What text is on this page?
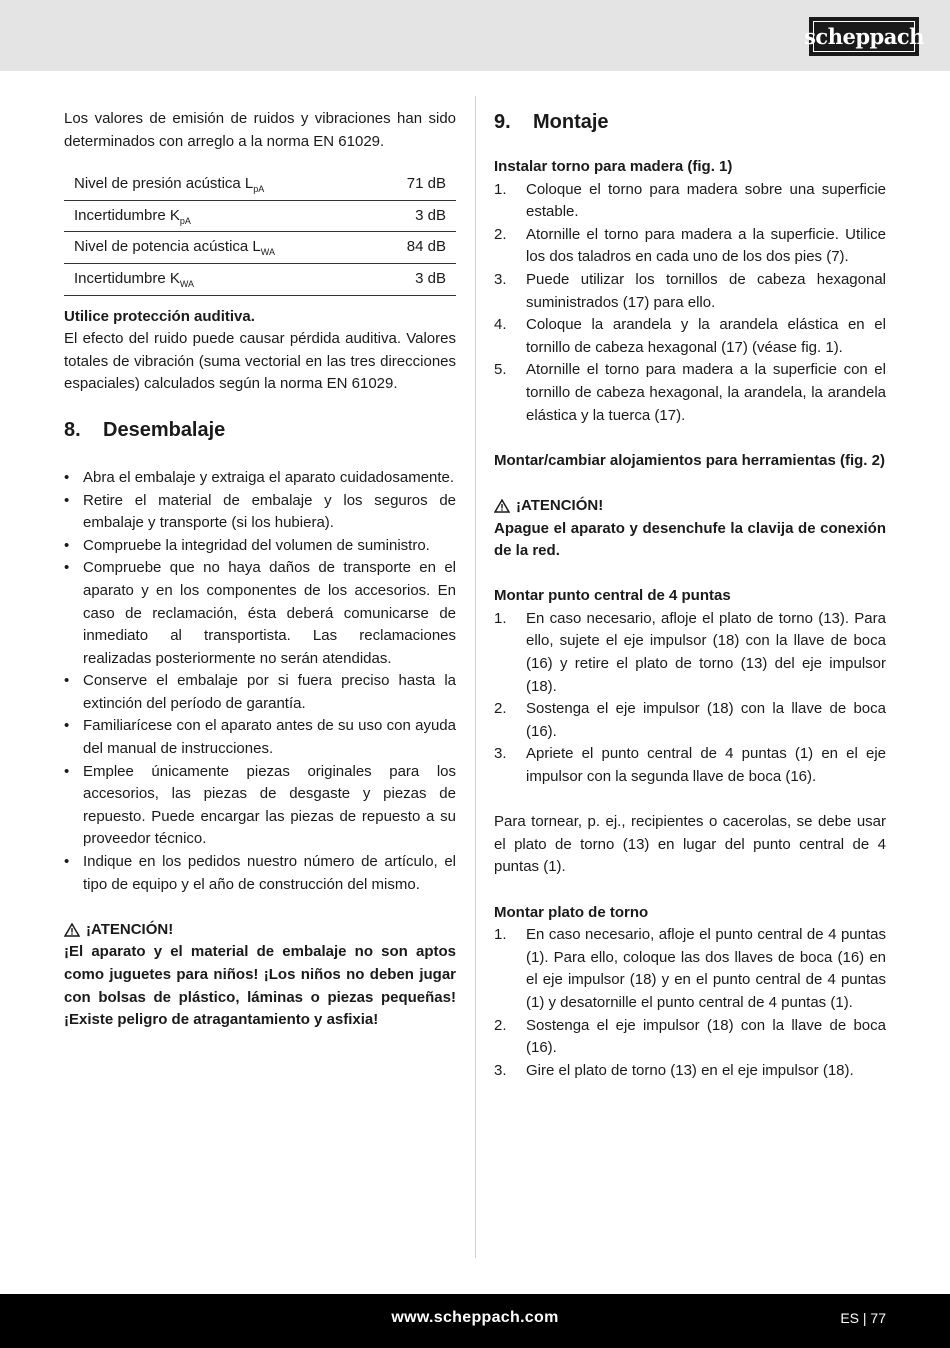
scheppach

Los valores de emisión de ruidos y vibraciones han sido determinados con arreglo a la norma EN 61029.

Nivel de presión acústica $L_{pA}$	71 dB
Incertidumbre $K_{pA}$	3 dB
Nivel de potencia acústica $L_{WA}$	84 dB
Incertidumbre $K_{WA}$	3 dB

Utilice protección auditiva.

El efecto del ruido puede causar pérdida auditiva. Valores totales de vibración (suma vectorial en las tres direcciones espaciales) calculados según la norma EN 61029.

8.	Desembalaje
• Abra el embalaje y extraiga el aparato cuidadosamente.
• Retire el material de embalaje y los seguros de embalaje y transporte (si los hubiera).
• Compruebe la integridad del volumen de suministro.
• Compruebe que no haya daños de transporte en el aparato y en los componentes de los accesorios. En caso de reclamación, ésta deberá comunicarse de inmediato al transportista. Las reclamaciones realizadas posteriormente no serán atendidas.
• Conserve el embalaje por si fuera preciso hasta la extinción del período de garantía.
• Familiarícese con el aparato antes de su uso con ayuda del manual de instrucciones.
• Emplee únicamente piezas originales para los accesorios, las piezas de desgaste y piezas de repuesto. Puede encargar las piezas de repuesto a su proveedor técnico.
• Indique en los pedidos nuestro número de artículo, el tipo de equipo y el año de construcción del mismo.
¡ATENCIÓN!

¡El aparato y el material de embalaje no son aptos como juguetes para niños! ¡Los niños no deben jugar con bolsas de plástico, láminas o piezas pequeñas! ¡Existe peligro de atragantamiento y asfixia!

9.	Montaje

Instalar torno para madera (fig. 1)

1.	Coloque el torno para madera sobre una superficie estable.
2.	Atornille el torno para madera a la superficie. Utilice los dos taladros en cada uno de los dos pies (7).
3.	Puede utilizar los tornillos de cabeza hexagonal suministrados (17) para ello.
4.	Coloque la arandela y la arandela elástica en el tornillo de cabeza hexagonal (17) (véase fig. 1).
5.	Atornille el torno para madera a la superficie con el tornillo de cabeza hexagonal, la arandela, la arandela elástica y la tuerca (17).

Montar/cambiar alojamientos para herramientas (fig. 2)

¡ATENCIÓN!

Apague el aparato y desenchufe la clavija de conexión de la red.

Montar punto central de 4 puntas

1.	En caso necesario, afloje el plato de torno (13). Para ello, sujete el eje impulsor (18) con la llave de boca (16) y retire el plato de torno (13) del eje impulsor (18).
2.	Sostenga el eje impulsor (18) con la llave de boca (16).
3.	Apriete el punto central de 4 puntas (1) en el eje impulsor con la segunda llave de boca (16).

Para tornear, p. ej., recipientes o cacerolas, se debe usar el plato de torno (13) en lugar del punto central de 4 puntas (1).

Montar plato de torno

1.	En caso necesario, afloje el punto central de 4 puntas (1). Para ello, coloque las dos llaves de boca (16) en el eje impulsor (18) y en el punto central de 4 puntas (1) y desatornille el punto central de 4 puntas (1).
2.	Sostenga el eje impulsor (18) con la llave de boca (16).
3.	Gire el plato de torno (13) en el eje impulsor (18).
www.scheppach.com	ES | 77
